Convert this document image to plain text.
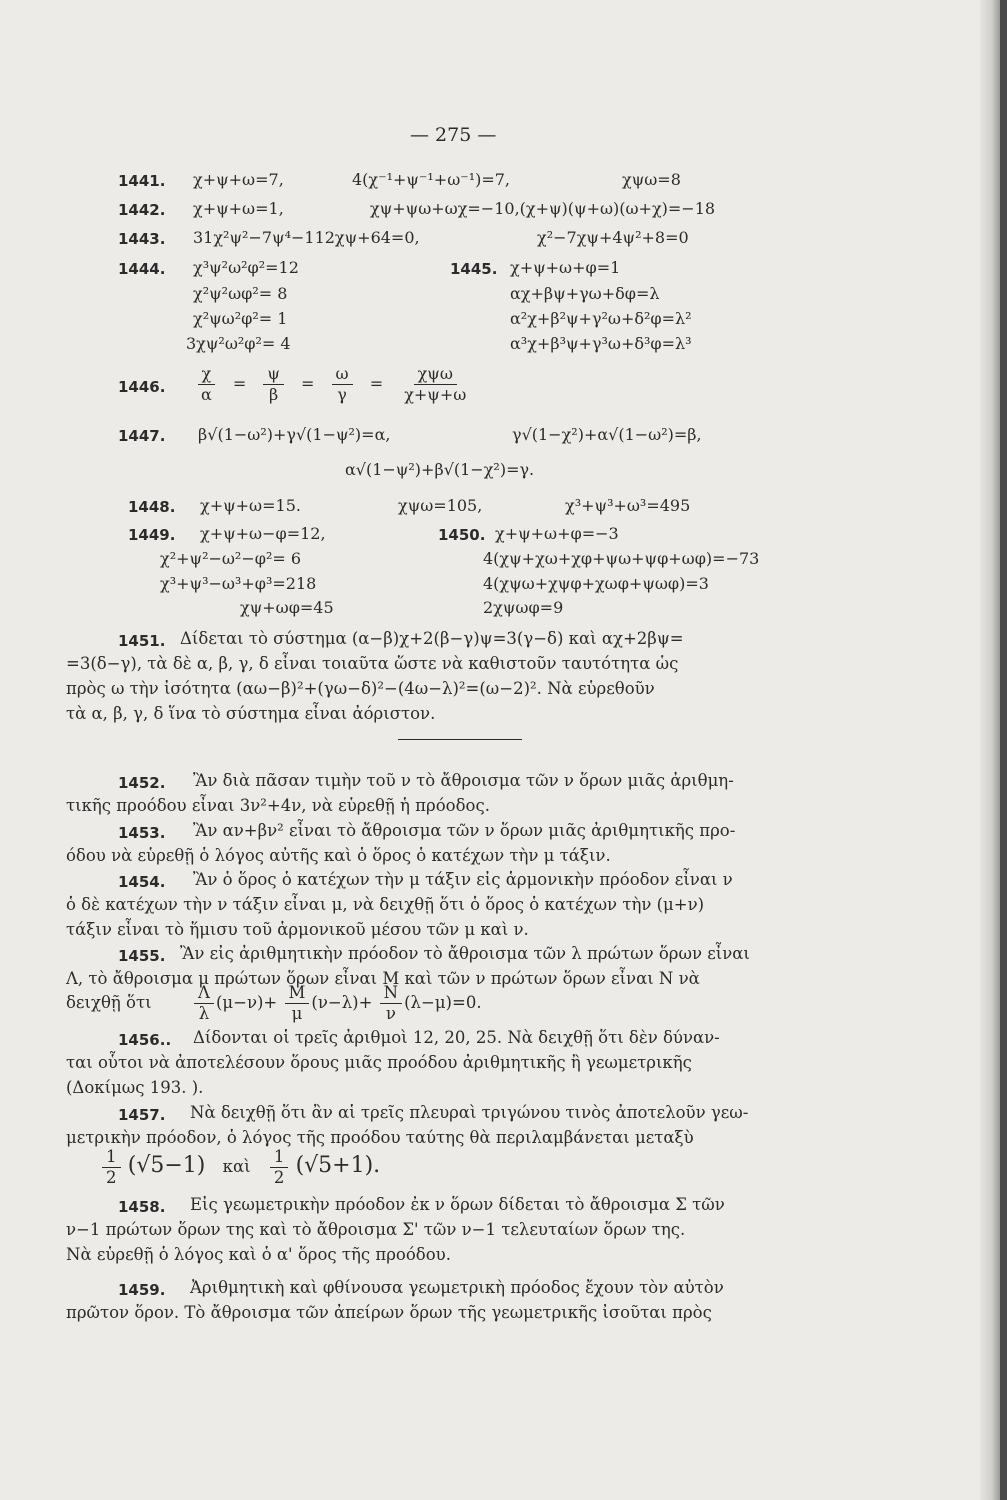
— 275 —
1441. χ+ψ+ω=7,	4(χ⁻¹+ψ⁻¹+ω⁻¹)=7,	χψω=8
1442. χ+ψ+ω=1,	χψ+ψω+ωχ=−10,(χ+ψ)(ψ+ω)(ω+χ)=−18
1443. 31χ²ψ²−7ψ⁴−112χψ+64=0,	χ²−7χψ+4ψ²+8=0
1444. χ³ψ²ω²φ²=12
χ²ψ²ωφ²= 8
χ²ψω²φ²= 1
3χψ²ω²φ²= 4
1445. χ+ψ+ω+φ=1
αχ+βψ+γω+δφ=λ
α²χ+β²ψ+γ²ω+δ²φ=λ²
α³χ+β³ψ+γ³ω+δ³φ=λ³
1446. $\frac{\chi}{\alpha} = \frac{\psi}{\beta} = \frac{\omega}{\gamma} = \frac{\text{χψω}}{\chi+\psi+\omega}$
1447. β√(1−ω²)+γ√(1−ψ²)=α,	γ√(1−χ²)+α√(1−ω²)=β,
α√(1−ψ²)+β√(1−χ²)=γ.
1448. χ+ψ+ω=15.	χψω=105,	χ³+ψ³+ω³=495
1449. χ+ψ+ω−φ=12,
χ²+ψ²−ω²−φ²= 6
χ³+ψ³−ω³+φ³=218
χψ+ωφ=45
1450. χ+ψ+ω+φ=−3
4(χψ+χω+χφ+ψω+ψφ+ωφ)=−73
4(χψω+χψφ+χωφ+ψωφ)=3
2χψωφ=9
1451. Δίδεται τὸ σύστημα (α−β)χ+2(β−γ)ψ=3(γ−δ) καὶ αχ+2βψ=
=3(δ−γ), τὰ δὲ α, β, γ, δ εἶναι τοιαῦτα ὥστε νὰ καθιστοῦν ταυτότητα ὡς
πρὸς ω τὴν ἰσότητα (αω−β)²+(γω−δ)²−(4ω−λ)²=(ω−2)². Νὰ εὑρεθοῦν
τὰ α, β, γ, δ ἵνα τὸ σύστημα εἶναι ἀόριστον.
1452. Ἂν διὰ πᾶσαν τιμὴν τοῦ ν τὸ ἄθροισμα τῶν ν ὅρων μιᾶς ἀριθμη-
τικῆς προόδου εἶναι 3ν²+4ν, νὰ εὑρεθῇ ἡ πρόοδος.
1453. Ἂν αν+βν² εἶναι τὸ ἄθροισμα τῶν ν ὅρων μιᾶς ἀριθμητικῆς προ-
όδου νὰ εὑρεθῇ ὁ λόγος αὐτῆς καὶ ὁ ὅρος ὁ κατέχων τὴν μ τάξιν.
1454. Ἂν ὁ ὅρος ὁ κατέχων τὴν μ τάξιν εἰς ἁρμονικὴν πρόοδον εἶναι ν
ὁ δὲ κατέχων τὴν ν τάξιν εἶναι μ, νὰ δειχθῇ ὅτι ὁ ὅρος ὁ κατέχων τὴν (μ+ν)
τάξιν εἶναι τὸ ἥμισυ τοῦ ἁρμονικοῦ μέσου τῶν μ καὶ ν.
1455. Ἂν εἰς ἀριθμητικὴν πρόοδον τὸ ἄθροισμα τῶν λ πρώτων ὅρων εἶναι
Λ, τὸ ἄθροισμα μ πρώτων ὅρων εἶναι Μ καὶ τῶν ν πρώτων ὅρων εἶναι Ν νὰ
δειχθῇ ὅτι	$\frac{\Lambda}{\lambda} (\mu-\nu)+ \frac{M}{\mu} (\nu-\lambda)+ \frac{N}{\nu} (\lambda-\mu)=0$.
1456.. Δίδονται οἱ τρεῖς ἀριθμοὶ 12, 20, 25. Νὰ δειχθῇ ὅτι δὲν δύναν-
ται οὗτοι νὰ ἀποτελέσουν ὅρους μιᾶς προόδου ἀριθμητικῆς ἢ γεωμετρικῆς
(Δοκίμως 193. ).
1457. Νὰ δειχθῇ ὅτι ἂν αἱ τρεῖς πλευραὶ τριγώνου τινὸς ἀποτελοῦν γεω-
μετρικὴν πρόοδον, ὁ λόγος τῆς προόδου ταύτης θὰ περιλαμβάνεται μεταξὺ
$\frac{1}{2} (√5-1)$ καὶ $\frac{1}{2} (√5+1)$.
1458. Εἰς γεωμετρικὴν πρόοδον ἐκ ν ὅρων δίδεται τὸ ἄθροισμα Σ τῶν
ν−1 πρώτων ὅρων της καὶ τὸ ἄθροισμα Σ' τῶν ν−1 τελευταίων ὅρων της.
Νὰ εὑρεθῇ ὁ λόγος καὶ ὁ α' ὅρος τῆς προόδου.
1459. Ἀριθμητικὴ καὶ φθίνουσα γεωμετρικὴ πρόοδος ἔχουν τὸν αὐτὸν
πρῶτον ὅρον. Τὸ ἄθροισμα τῶν ἀπείρων ὅρων τῆς γεωμετρικῆς ἰσοῦται πρὸς
